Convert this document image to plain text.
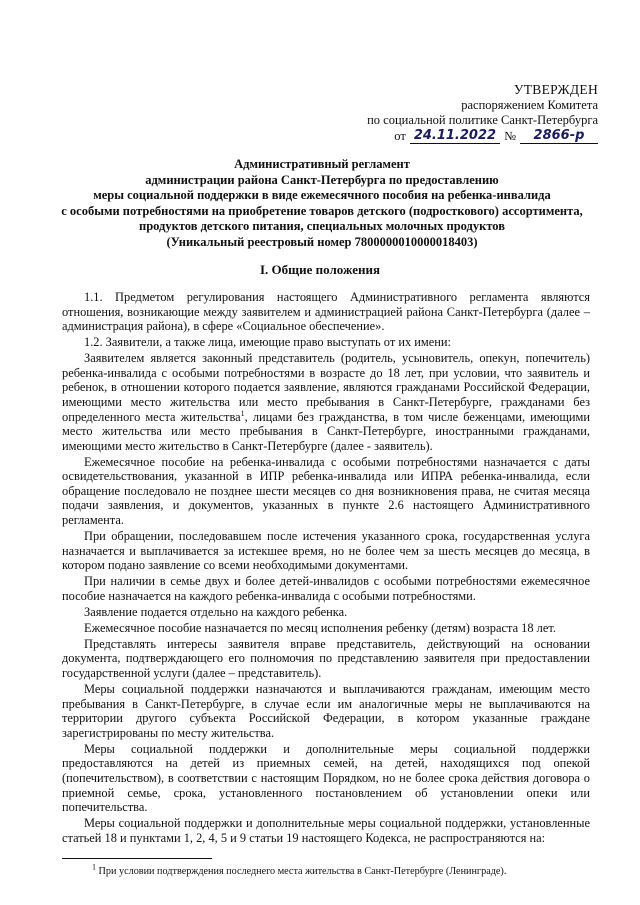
УТВЕРЖДЕН
распоряжением Комитета
по социальной политике Санкт-Петербурга
от 24.11.2022 №	2866-р
Административный регламент
администрации района Санкт-Петербурга по предоставлению
меры социальной поддержки в виде ежемесячного пособия на ребенка-инвалида
с особыми потребностями на приобретение товаров детского (подросткового) ассортимента,
продуктов детского питания, специальных молочных продуктов
(Уникальный реестровый номер 7800000010000018403)
I. Общие положения

1.1. Предметом регулирования настоящего Административного регламента являются отношения, возникающие между заявителем и администрацией района Санкт-Петербурга (далее – администрация района), в сфере «Социальное обеспечение».

1.2. Заявители, а также лица, имеющие право выступать от их имени:

Заявителем является законный представитель (родитель, усыновитель, опекун, попечитель) ребенка-инвалида с особыми потребностями в возрасте до 18 лет, при условии, что заявитель и ребенок, в отношении которого подается заявление, являются гражданами Российской Федерации, имеющими место жительства или место пребывания в Санкт-Петербурге, гражданами без определенного места жительства$^1$, лицами без гражданства, в том числе беженцами, имеющими место жительства или место пребывания в Санкт-Петербурге, иностранными гражданами, имеющими место жительство в Санкт-Петербурге (далее - заявитель).

Ежемесячное пособие на ребенка-инвалида с особыми потребностями назначается с даты освидетельствования, указанной в ИПР ребенка-инвалида или ИПРА ребенка-инвалида, если обращение последовало не позднее шести месяцев со дня возникновения права, не считая месяца подачи заявления, и документов, указанных в пункте 2.6 настоящего Административного регламента.

При обращении, последовавшем после истечения указанного срока, государственная услуга назначается и выплачивается за истекшее время, но не более чем за шесть месяцев до месяца, в котором подано заявление со всеми необходимыми документами.

При наличии в семье двух и более детей-инвалидов с особыми потребностями ежемесячное пособие назначается на каждого ребенка-инвалида с особыми потребностями.

Заявление подается отдельно на каждого ребенка.

Ежемесячное пособие назначается по месяц исполнения ребенку (детям) возраста 18 лет.

Представлять интересы заявителя вправе представитель, действующий на основании документа, подтверждающего его полномочия по представлению заявителя при предоставлении государственной услуги (далее – представитель).

Меры социальной поддержки назначаются и выплачиваются гражданам, имеющим место пребывания в Санкт-Петербурге, в случае если им аналогичные меры не выплачиваются на территории другого субъекта Российской Федерации, в котором указанные граждане зарегистрированы по месту жительства.

Меры социальной поддержки и дополнительные меры социальной поддержки предоставляются на детей из приемных семей, на детей, находящихся под опекой (попечительством), в соответствии с настоящим Порядком, но не более срока действия договора о приемной семье, срока, установленного постановлением об установлении опеки или попечительства.

Меры социальной поддержки и дополнительные меры социальной поддержки, установленные статьей 18 и пунктами 1, 2, 4, 5 и 9 статьи 19 настоящего Кодекса, не распространяются на:

$^1$ При условии подтверждения последнего места жительства в Санкт-Петербурге (Ленинграде).
